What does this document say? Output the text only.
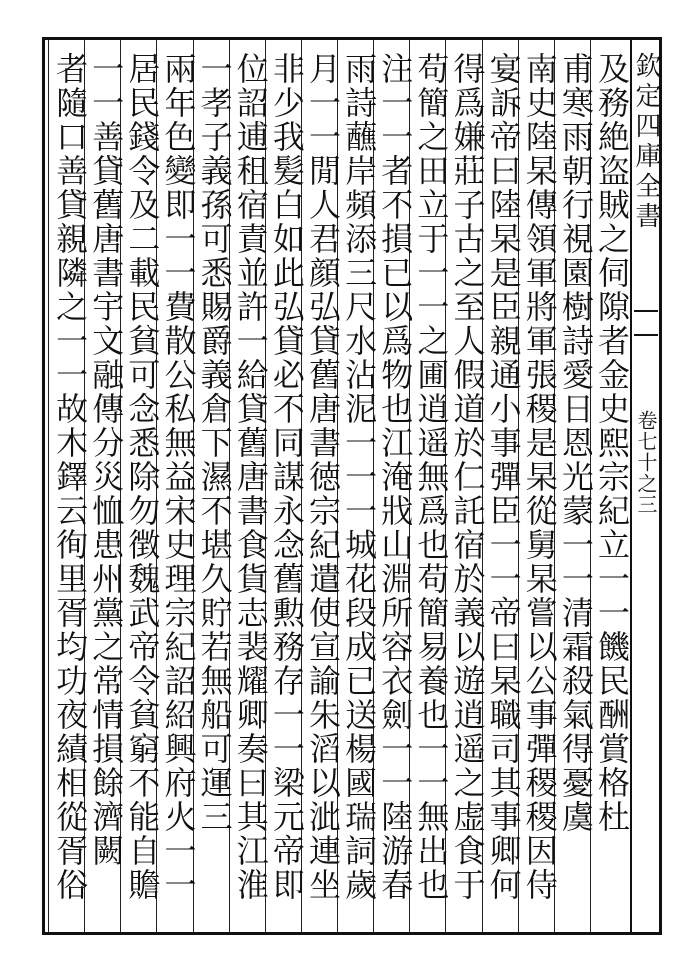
欽定四庫全書
卷七十之三
及務絶盗賊之伺隙者金史熙宗紀立一一饑民酬賞格杜
甫寒雨朝行視園樹詩愛日恩光蒙一一清霜殺氣得憂虞
南史陸杲傳領軍將軍張稷是杲從舅杲嘗以公事彈稷稷因侍
宴訴帝曰陸杲是臣親通小事彈臣一一帝曰杲職司其事卿何
得爲嫌莊子古之至人假道於仁託宿於義以遊逍遥之虚食于
苟簡之田立于一一之圃逍遥無爲也苟簡易養也一一無出也
注一一者不損已以爲物也江淹戕山淵所容衣劍一一陸游春
雨詩蘸岸頻添三尺水沾泥一一一城花段成已送楊國瑞詞歲
月一一閒人君顔弘貸舊唐書徳宗紀遣使宣諭朱滔以泚連坐
非少我髪白如此弘貸必不同謀永念舊勲務存一一梁元帝即
位詔逋租宿責並許一給貸舊唐書食貨志裴耀卿奏曰其江淮
一孝子義孫可悉賜爵義倉下濕不堪久貯若無船可運三
兩年色變即一一費散公私無益宋史理宗紀詔紹興府火一一
居民錢令及二載民貧可念悉除勿徴魏武帝令貧窮不能自贍
一一善貸舊唐書宇文融傳分災恤患州黨之常情損餘濟闕
者隨口善貸親隣之一一故木鐸云徇里胥均功夜績相從胥俗
